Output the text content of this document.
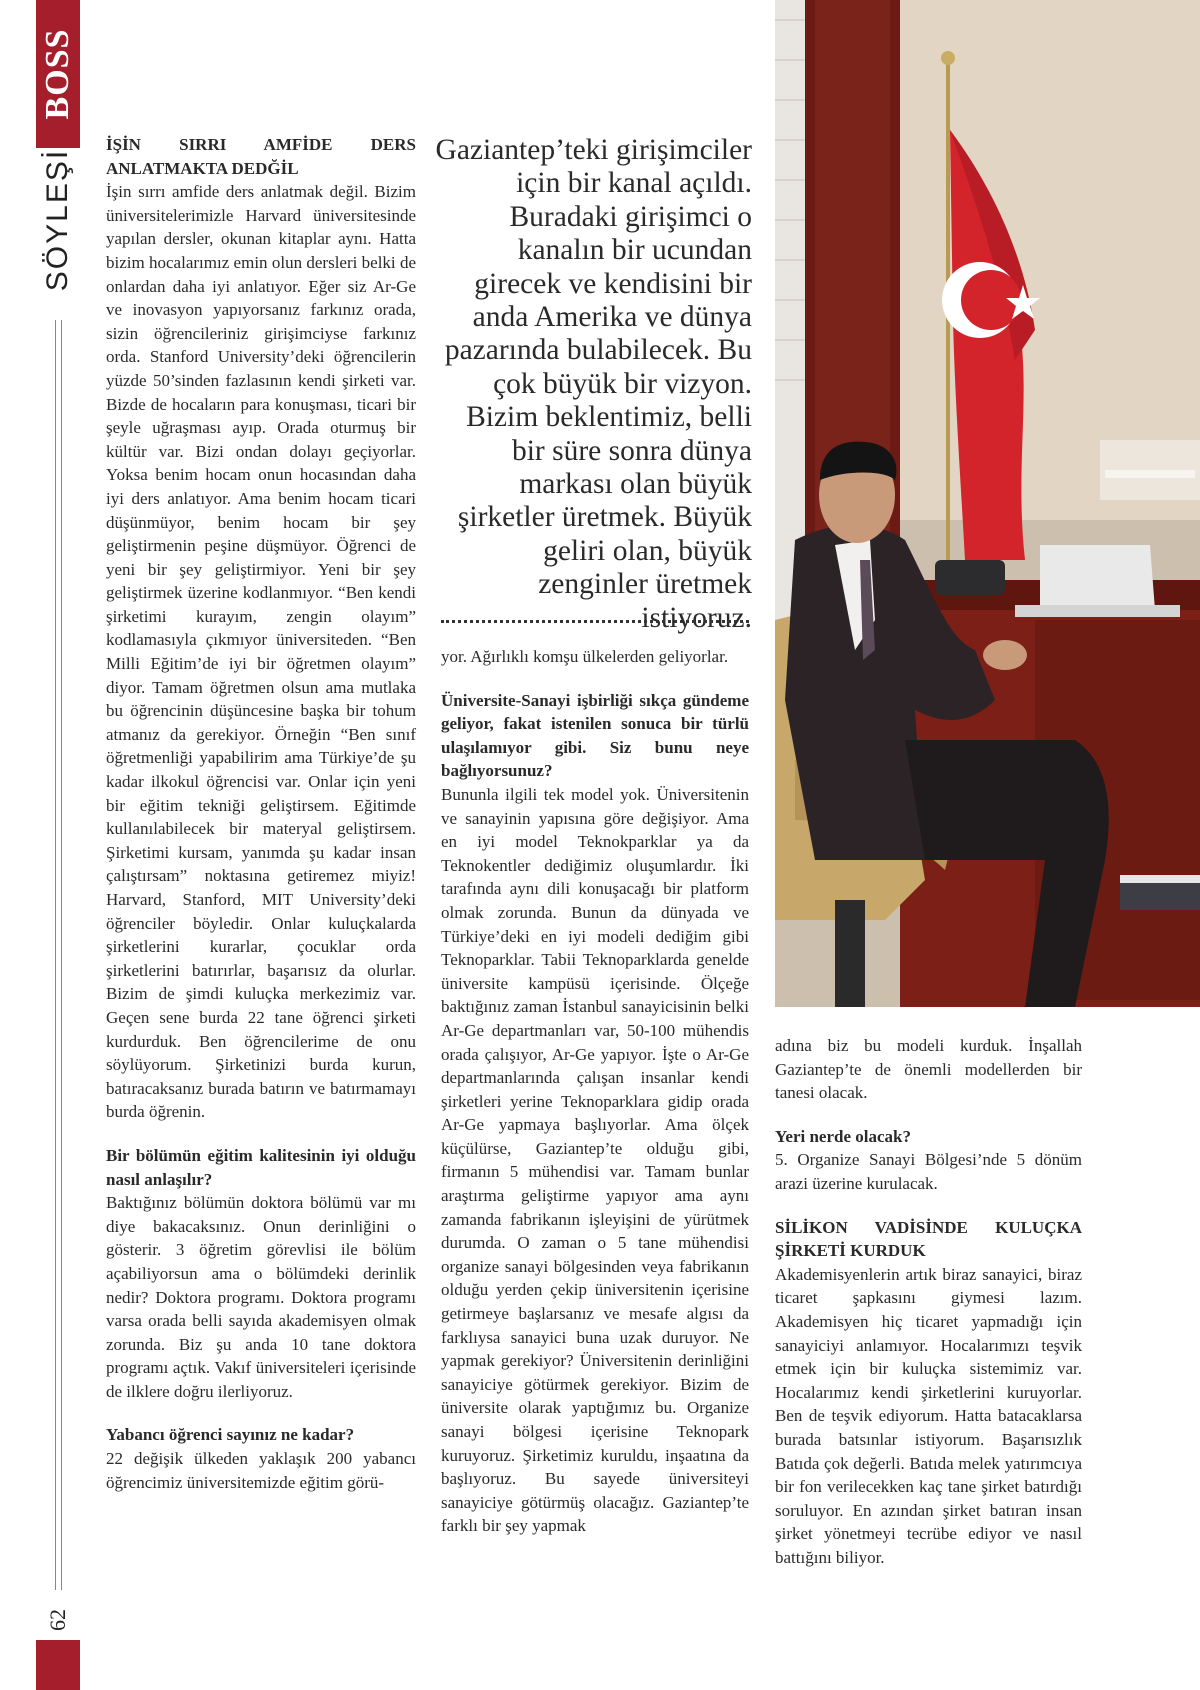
BOSS
SÖYLEŞİ
62

İŞİN SIRRI AMFİDE DERS ANLATMAKTA DEDĞİL
İşin sırrı amfide ders anlatmak değil. Bizim üniversitelerimizle Harvard üniversitesinde yapılan dersler, okunan kitaplar aynı. Hatta bizim hocalarımız emin olun dersleri belki de onlardan daha iyi anlatıyor. Eğer siz Ar-Ge ve inovasyon yapıyorsanız farkınız orada, sizin öğrencileriniz girişimciyse farkınız orda. Stanford University’deki öğrencilerin yüzde 50’sinden fazlasının kendi şirketi var. Bizde de hocaların para konuşması, ticari bir şeyle uğraşması ayıp. Orada oturmuş bir kültür var. Bizi ondan dolayı geçiyorlar. Yoksa benim hocam onun hocasından daha iyi ders anlatıyor. Ama benim hocam ticari düşünmüyor, benim hocam bir şey geliştirmenin peşine düşmüyor. Öğrenci de yeni bir şey geliştirmiyor. Yeni bir şey geliştirmek üzerine kodlanmıyor. “Ben kendi şirketimi kurayım, zengin olayım” kodlamasıyla çıkmıyor üniversiteden. “Ben Milli Eğitim’de iyi bir öğretmen olayım” diyor. Tamam öğretmen olsun ama mutlaka bu öğrencinin düşüncesine başka bir tohum atmanız da gerekiyor. Örneğin “Ben sınıf öğretmenliği yapabilirim ama Türkiye’de şu kadar ilkokul öğrencisi var. Onlar için yeni bir eğitim tekniği geliştirsem. Eğitimde kullanılabilecek bir materyal geliştirsem. Şirketimi kursam, yanımda şu kadar insan çalıştırsam” noktasına getiremez miyiz! Harvard, Stanford, MIT University’deki öğrenciler böyledir. Onlar kuluçkalarda şirketlerini kurarlar, çocuklar orda şirketlerini batırırlar, başarısız da olurlar. Bizim de şimdi kuluçka merkezimiz var. Geçen sene burda 22 tane öğrenci şirketi kurdurduk. Ben öğrencilerime de onu söylüyorum. Şirketinizi burda kurun, batıracaksanız burada batırın ve batırmamayı burda öğrenin.

Bir bölümün eğitim kalitesinin iyi olduğu nasıl anlaşılır?
Baktığınız bölümün doktora bölümü var mı diye bakacaksınız. Onun derinliğini o gösterir. 3 öğretim görevlisi ile bölüm açabiliyorsun ama o bölümdeki derinlik nedir? Doktora programı. Doktora programı varsa orada belli sayıda akademisyen olmak zorunda. Biz şu anda 10 tane doktora programı açtık. Vakıf üniversiteleri içerisinde de ilklere doğru ilerliyoruz.

Yabancı öğrenci sayınız ne kadar?
22 değişik ülkeden yaklaşık 200 yabancı öğrencimiz üniversitemizde eğitim görü-

Gaziantep’teki girişimciler için bir kanal açıldı. Buradaki girişimci o kanalın bir ucundan girecek ve kendisini bir anda Amerika ve dünya pazarında bulabilecek. Bu çok büyük bir vizyon. Bizim beklentimiz, belli bir süre sonra dünya markası olan büyük şirketler üretmek. Büyük geliri olan, büyük zenginler üretmek istiyoruz.

yor. Ağırlıklı komşu ülkelerden geliyorlar.

Üniversite-Sanayi işbirliği sıkça gündeme geliyor, fakat istenilen sonuca bir türlü ulaşılamıyor gibi. Siz bunu neye bağlıyorsunuz?
Bununla ilgili tek model yok. Üniversitenin ve sanayinin yapısına göre değişiyor. Ama en iyi model Teknokparklar ya da Teknokentler dediğimiz oluşumlardır. İki tarafında aynı dili konuşacağı bir platform olmak zorunda. Bunun da dünyada ve Türkiye’deki en iyi modeli dediğim gibi Teknoparklar. Tabii Teknoparklarda genelde üniversite kampüsü içerisinde. Ölçeğe baktığınız zaman İstanbul sanayicisinin belki Ar-Ge departmanları var, 50-100 mühendis orada çalışıyor, Ar-Ge yapıyor. İşte o Ar-Ge departmanlarında çalışan insanlar kendi şirketleri yerine Teknoparklara gidip orada Ar-Ge yapmaya başlıyorlar. Ama ölçek küçülürse, Gaziantep’te olduğu gibi, firmanın 5 mühendisi var. Tamam bunlar araştırma geliştirme yapıyor ama aynı zamanda fabrikanın işleyişini de yürütmek durumda. O zaman o 5 tane mühendisi organize sanayi bölgesinden veya fabrikanın olduğu yerden çekip üniversitenin içerisine getirmeye başlarsanız ve mesafe algısı da farklıysa sanayici buna uzak duruyor. Ne yapmak gerekiyor? Üniversitenin derinliğini sanayiciye götürmek gerekiyor. Bizim de üniversite olarak yaptığımız bu. Organize sanayi bölgesi içerisine Teknopark kuruyoruz. Şirketimiz kuruldu, inşaatına da başlıyoruz. Bu sayede üniversiteyi sanayiciye götürmüş olacağız. Gaziantep’te farklı bir şey yapmak

adına biz bu modeli kurduk. İnşallah Gaziantep’te de önemli modellerden bir tanesi olacak.

Yeri nerde olacak?
5. Organize Sanayi Bölgesi’nde 5 dönüm arazi üzerine kurulacak.

SİLİKON VADİSİNDE KULUÇKA ŞİRKETİ KURDUK
Akademisyenlerin artık biraz sanayici, biraz ticaret şapkasını giymesi lazım. Akademisyen hiç ticaret yapmadığı için sanayiciyi anlamıyor. Hocalarımızı teşvik etmek için bir kuluçka sistemimiz var. Hocalarımız kendi şirketlerini kuruyorlar. Ben de teşvik ediyorum. Hatta batacaklarsa burada batsınlar istiyorum. Başarısızlık Batıda çok değerli. Batıda melek yatırımcıya bir fon verilecekken kaç tane şirket batırdığı soruluyor. En azından şirket batıran insan şirket yönetmeyi tecrübe ediyor ve nasıl battığını biliyor.
